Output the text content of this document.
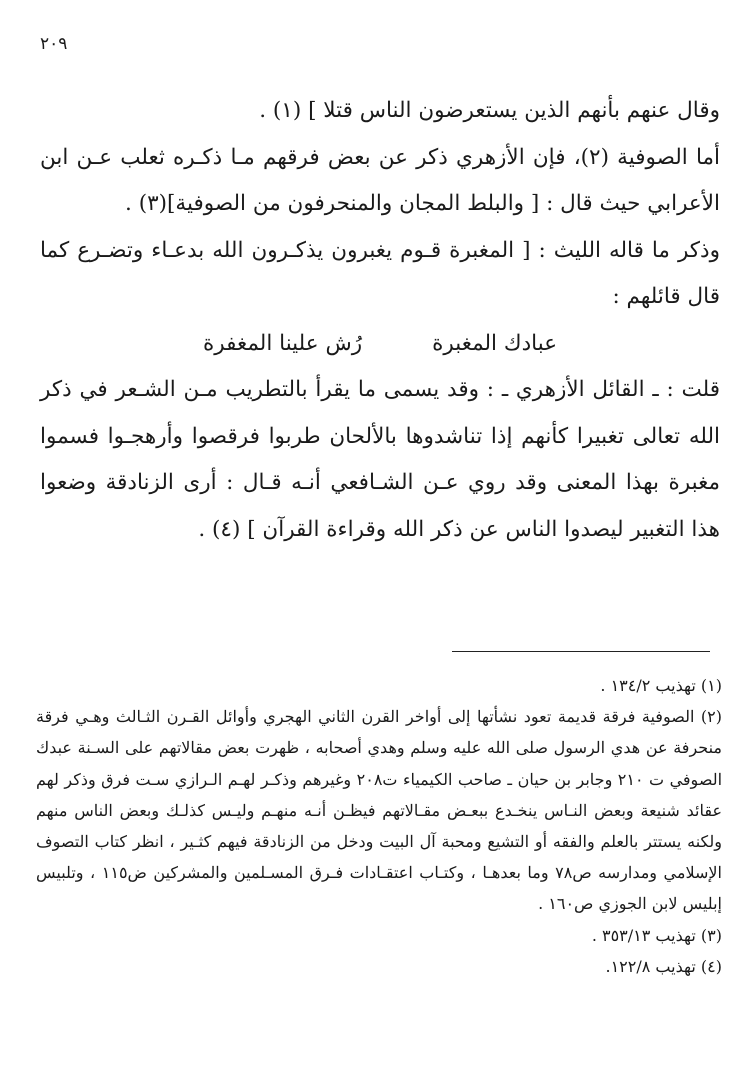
٢٠٩

وقال عنهم بأنهم الذين يستعرضون الناس قتلا ] (١) .

أما الصوفية (٢)، فإن الأزهري ذكر عن بعض فرقهم مـا ذكـره ثعلب عـن ابن الأعرابي حيث قال : [ والبلط المجان والمنحرفون من الصوفية](٣) .

وذكر ما قاله الليث : [ المغبرة قـوم يغبرون يذكـرون الله بدعـاء وتضـرع كما قال قائلهم :

عبادك المغبرة
رُش علينا المغفرة

قلت : ـ القائل الأزهري ـ : وقد يسمى ما يقرأ بالتطريب مـن الشـعر في ذكر الله تعالى تغبيرا كأنهم إذا تناشدوها بالألحان طربوا فرقصوا وأرهجـوا فسموا مغبرة بهذا المعنى وقد روي عـن الشـافعي أنـه قـال : أرى الزنادقة وضعوا هذا التغبير ليصدوا الناس عن ذكر الله وقراءة القرآن ] (٤) .

(١) تهذيب ١٣٤/٢ .

(٢) الصوفية فرقة قديمة تعود نشأتها إلى أواخر القرن الثاني الهجري وأوائل القـرن الثـالث وهـي فرقة منحرفة عن هدي الرسول صلى الله عليه وسلم وهدي أصحابه ، ظهرت بعض مقالاتهم على السـنة عبدك الصوفي ت ٢١٠ وجابر بن حيان ـ صاحب الكيمياء ت٢٠٨ وغيرهم وذكـر لهـم الـرازي سـت فرق وذكر لهم عقائد شنيعة وبعض النـاس ينخـدع ببعـض مقـالاتهم فيظـن أنـه منهـم وليـس كذلـك وبعض الناس منهم ولكنه يستتر بالعلم والفقه أو التشيع ومحبة آل البيت ودخل من الزنادقة فيهم كثـير ، انظر كتاب التصوف الإسلامي ومدارسه ص٧٨ وما بعدهـا ، وكتـاب اعتقـادات فـرق المسـلمين والمشركين ض١١٥ ، وتلبيس إبليس لابن الجوزي ص١٦٠ .

(٣) تهذيب ٣٥٣/١٣ .

(٤) تهذيب ١٢٢/٨.
